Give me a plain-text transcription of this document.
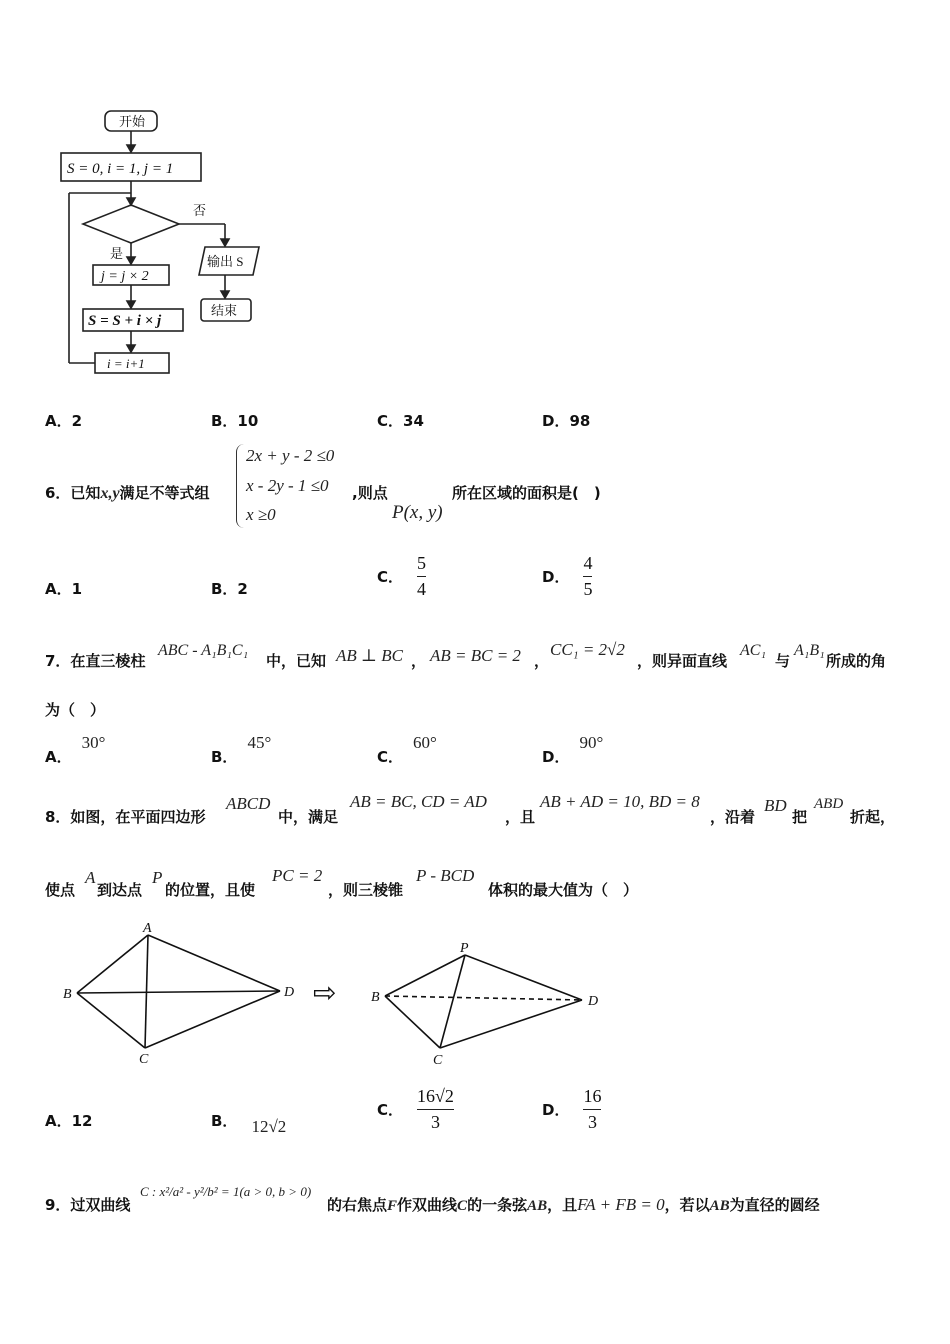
开始
S = 0, i = 1, j = 1
否
是
j = j × 2
S = S + i × j
i = i+1
输出 S
结束
A．2	B．10	C．34	D．98
6．已知x,y满足不等式组
2x + y - 2 ≤0
x - 2y - 1 ≤0
x ≥0
,则点
P(x, y)
所在区域的面积是(　)
A．1	B．2
C． $\frac{5}{4}$	D． $\frac{4}{5}$
7．在直三棱柱
ABC - A₁B₁C₁
中，已知 AB ⊥ BC ， AB = BC = 2 ，
CC₁ = 2√2
，则异面直线
AC₁
与
A₁B₁
所成的角
为（　）
A．30°
B．45°
C．60°
D．90°
8．如图，在平面四边形
ABCD
中，满足
AB = BC, CD = AD
，且
AB + AD = 10, BD = 8
，沿着
BD
把
ABD
折起，
使点
A
到达点
P
的位置，且使
PC = 2
，则三棱锥
P - BCD
体积的最大值为（　）
A
B
C
D
P
B
C
D
⇨
A．12	B． 12√2
C． $\frac{16√2}{3}$	D． $\frac{16}{3}$
9．过双曲线
C : x²/a² - y²/b² = 1(a > 0, b > 0)
的右焦点F作双曲线C的一条弦AB，且FA + FB = 0，若以AB为直径的圆经
